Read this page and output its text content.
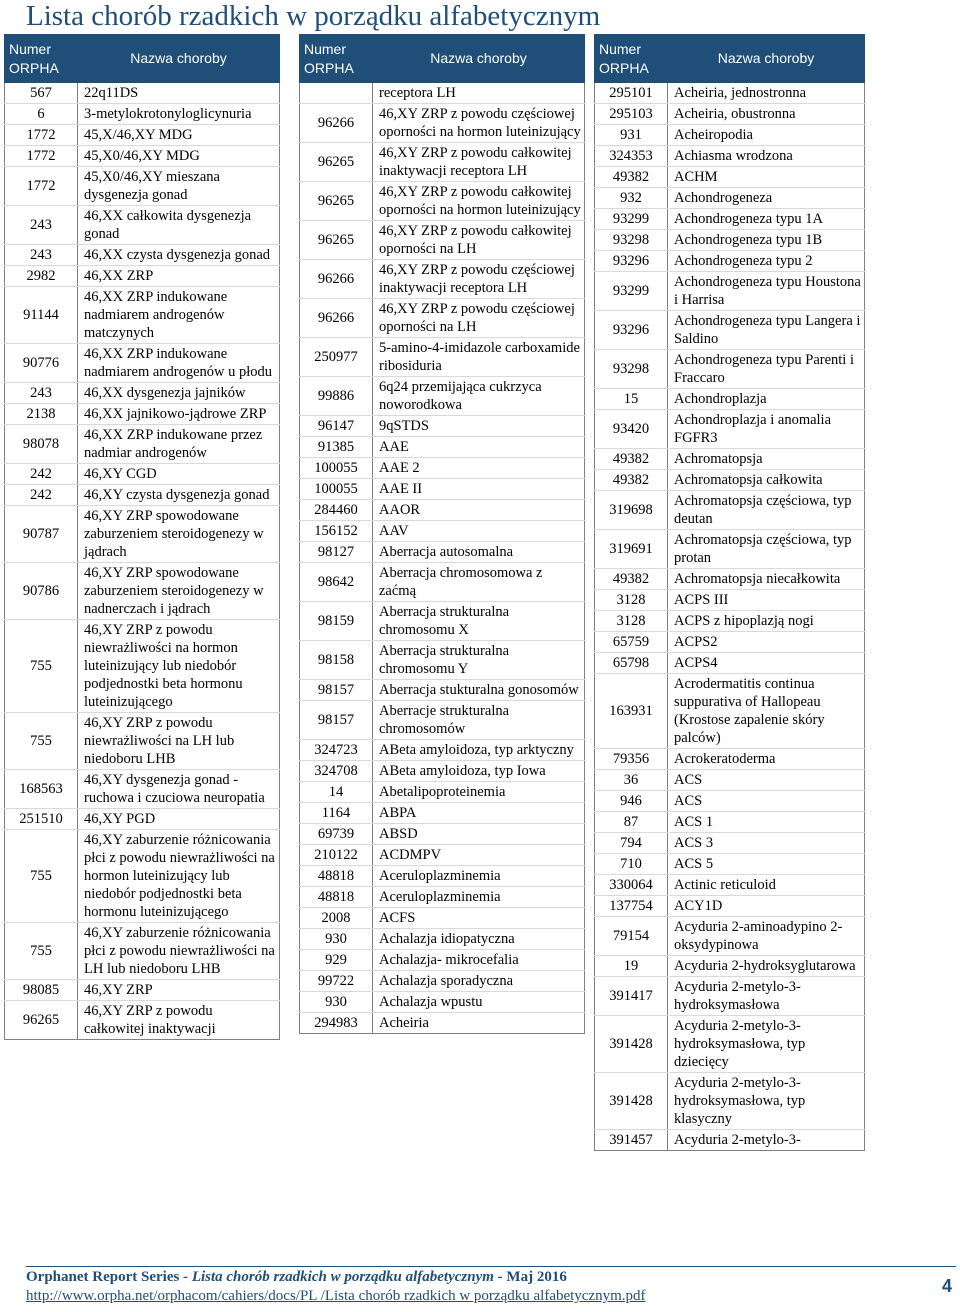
Lista chorób rzadkich w porządku alfabetycznym
Numer ORPHA	Nazwa choroby
567	22q11DS
6	3-metylokrotonyloglicynuria
1772	45,X/46,XY MDG
1772	45,X0/46,XY MDG
1772	45,X0/46,XY mieszana dysgenezja gonad
243	46,XX całkowita dysgenezja gonad
243	46,XX czysta dysgenezja gonad
2982	46,XX ZRP
91144	46,XX ZRP indukowane nadmiarem androgenów matczynych
90776	46,XX ZRP indukowane nadmiarem androgenów u płodu
243	46,XX dysgenezja jajników
2138	46,XX jajnikowo-jądrowe ZRP
98078	46,XX ZRP indukowane przez nadmiar androgenów
242	46,XY CGD
242	46,XY czysta dysgenezja gonad
90787	46,XY ZRP spowodowane zaburzeniem steroidogenezy w jądrach
90786	46,XY ZRP spowodowane zaburzeniem steroidogenezy w nadnerczach i jądrach
755	46,XY ZRP z powodu niewrażliwości na hormon luteinizujący lub niedobór podjednostki beta hormonu luteinizującego
755	46,XY ZRP z powodu niewrażliwości na LH lub niedoboru LHB
168563	46,XY dysgenezja gonad - ruchowa i czuciowa neuropatia
251510	46,XY PGD
755	46,XY zaburzenie różnicowania płci z powodu niewrażliwości na hormon luteinizujący lub niedobór podjednostki beta hormonu luteinizującego
755	46,XY zaburzenie różnicowania płci z powodu niewrażliwości na LH lub niedoboru LHB
98085	46,XY ZRP
96265	46,XY ZRP z powodu całkowitej inaktywacji
Numer ORPHA	Nazwa choroby
	receptora LH
96266	46,XY ZRP z powodu częściowej oporności na hormon luteinizujący
96265	46,XY ZRP z powodu całkowitej inaktywacji receptora LH
96265	46,XY ZRP z powodu całkowitej oporności na hormon luteinizujący
96265	46,XY ZRP z powodu całkowitej oporności na LH
96266	46,XY ZRP z powodu częściowej inaktywacji receptora LH
96266	46,XY ZRP z powodu częściowej oporności na LH
250977	5-amino-4-imidazole carboxamide ribosiduria
99886	6q24 przemijająca cukrzyca noworodkowa
96147	9qSTDS
91385	AAE
100055	AAE 2
100055	AAE II
284460	AAOR
156152	AAV
98127	Aberracja autosomalna
98642	Aberracja chromosomowa z zaćmą
98159	Aberracja strukturalna chromosomu X
98158	Aberracja strukturalna chromosomu Y
98157	Aberracja stukturalna gonosomów
98157	Aberracje strukturalna chromosomów
324723	ABeta amyloidoza, typ arktyczny
324708	ABeta amyloidoza, typ Iowa
14	Abetalipoproteinemia
1164	ABPA
69739	ABSD
210122	ACDMPV
48818	Aceruloplazminemia
48818	Aceruloplazminemia
2008	ACFS
930	Achalazja idiopatyczna
929	Achalazja- mikrocefalia
99722	Achalazja sporadyczna
930	Achalazja wpustu
294983	Acheiria
Numer ORPHA	Nazwa choroby
295101	Acheiria, jednostronna
295103	Acheiria, obustronna
931	Acheiropodia
324353	Achiasma wrodzona
49382	ACHM
932	Achondrogeneza
93299	Achondrogeneza typu 1A
93298	Achondrogeneza typu 1B
93296	Achondrogeneza typu 2
93299	Achondrogeneza typu Houstona i Harrisa
93296	Achondrogeneza typu Langera i Saldino
93298	Achondrogeneza typu Parenti i Fraccaro
15	Achondroplazja
93420	Achondroplazja i anomalia FGFR3
49382	Achromatopsja
49382	Achromatopsja całkowita
319698	Achromatopsja częściowa, typ deutan
319691	Achromatopsja częściowa, typ protan
49382	Achromatopsja niecałkowita
3128	ACPS III
3128	ACPS z hipoplazją nogi
65759	ACPS2
65798	ACPS4
163931	Acrodermatitis continua suppurativa of Hallopeau (Krostose zapalenie skóry palców)
79356	Acrokeratoderma
36	ACS
946	ACS
87	ACS 1
794	ACS 3
710	ACS 5
330064	Actinic reticuloid
137754	ACY1D
79154	Acyduria 2-aminoadypino 2-oksydypinowa
19	Acyduria 2-hydroksyglutarowa
391417	Acyduria 2-metylo-3-hydroksymasłowa
391428	Acyduria 2-metylo-3-hydroksymasłowa, typ dziecięcy
391428	Acyduria 2-metylo-3-hydroksymasłowa, typ klasyczny
391457	Acyduria 2-metylo-3-
Orphanet Report Series - Lista chorób rzadkich w porządku alfabetycznym - Maj 2016
http://www.orpha.net/orphacom/cahiers/docs/PL /Lista chorób rzadkich w porządku alfabetycznym.pdf	4
